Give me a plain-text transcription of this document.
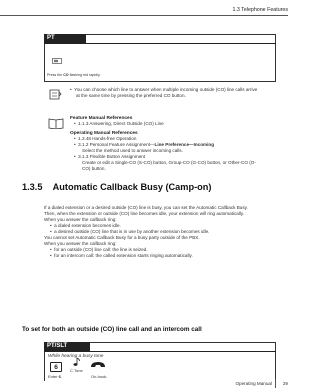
1.3 Telephone Features
PT
Press the CO flashing red rapidly.
• You can choose which line to answer when multiple incoming outside (CO) line calls arrive
at the same time by pressing the preferred CO button.
Feature Manual References
• 1.1.3 Answering, Direct Outside (CO) Line
Operating Manual References
• 1.3.48 Hands-free Operation
• 3.1.2 Personal Feature Assignment—Line Preference—Incoming
Select the method used to answer incoming calls.
• 3.1.3 Flexible Button Assignment
Create or edit a Single-CO (S-CO) button, Group-CO (G-CO) button, or Other-CO (O-
CO) button.
1.3.5 Automatic Callback Busy (Camp-on)
If a dialed extension or a desired outside (CO) line is busy, you can set the Automatic Callback Busy.
Then, when the extension or outside (CO) line becomes idle, your extension will ring automatically.
When you answer the callback ring:
• a dialed extension becomes idle.
• a desired outside (CO) line that is in use by another extension becomes idle.
You cannot set Automatic Callback Busy for a busy party outside of the PBX.
When you answer the callback ring:
• for an outside (CO) line call: the line is seized.
• for an intercom call: the called extension starts ringing automatically.
To set for both an outside (CO) line call and an intercom call
PT/SLT
While hearing a busy tone
6	C.Tone
Enter 6.	On-hook.
Operating Manual 29
